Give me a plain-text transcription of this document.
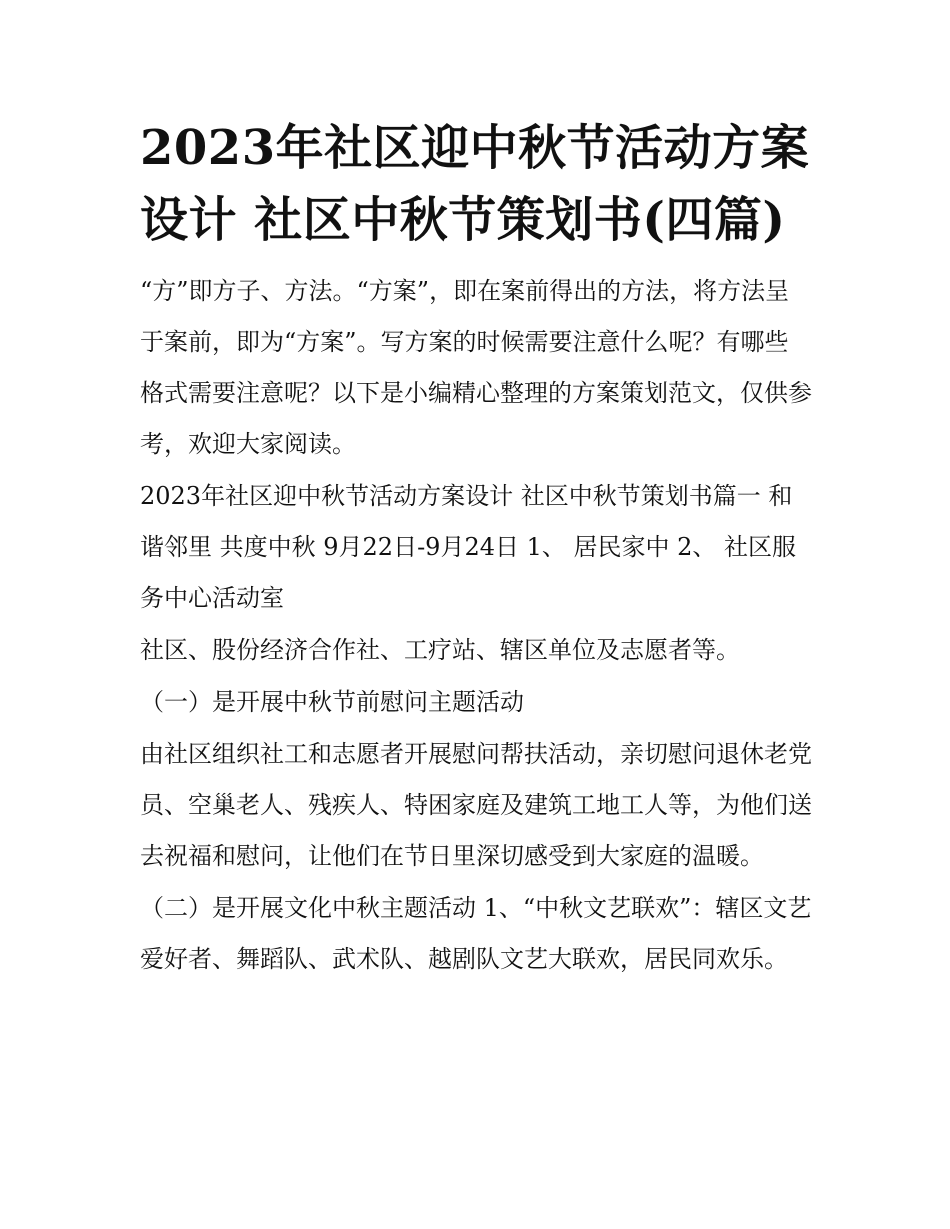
2023年社区迎中秋节活动方案设计 社区中秋节策划书(四篇)

“方”即方子、方法。“方案”，即在案前得出的方法，将方法呈于案前，即为“方案”。写方案的时候需要注意什么呢？有哪些格式需要注意呢？以下是小编精心整理的方案策划范文，仅供参考，欢迎大家阅读。

2023年社区迎中秋节活动方案设计 社区中秋节策划书篇一 和谐邻里 共度中秋 9月22日-9月24日 1、 居民家中 2、 社区服务中心活动室

社区、股份经济合作社、工疗站、辖区单位及志愿者等。

（一）是开展中秋节前慰问主题活动

由社区组织社工和志愿者开展慰问帮扶活动，亲切慰问退休老党员、空巢老人、残疾人、特困家庭及建筑工地工人等，为他们送去祝福和慰问，让他们在节日里深切感受到大家庭的温暖。

（二）是开展文化中秋主题活动 1、“中秋文艺联欢”：辖区文艺爱好者、舞蹈队、武术队、越剧队文艺大联欢，居民同欢乐。
